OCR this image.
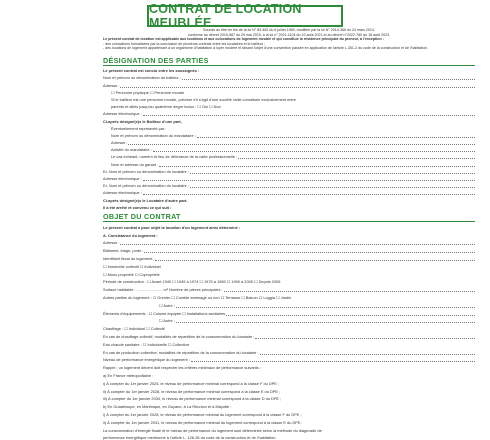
CONTRAT DE LOCATION MEUBLÉE
Soumis au titre Ier bis de la loi N° 89-462 du 6 juillet 1989, modifiée par la loi N° 2014-366 du 24 mars 2014,
conforme au décret 2015-587 du 29 mai 2015, à la loi n° 2021-1104 du 22 août 2021 et au décret n°2022-780 du 18 août 2023.
Le présent contrat de location est applicable aux locations et aux colocations de logement meublé et qui constitue la résidence principale du preneur, à l'exception :
- des colocations formalisées par la conclusion de plusieurs contrats entre les locataires et le bailleur ;
- des locations de logement appartenant à un organisme d'habitation à loyer modéré et faisant l'objet d'une convention passée en application de l'article L.351-2 du code de la construction et de l'habitation.
DÉSIGNATION DES PARTIES
Le présent contrat est conclu entre les soussignés :
Nom et prénom ou dénomination du bailleur :
Adresse :
☐ Personne physique ☐ Personne morale
Si le bailleur est une personne morale, préciser s'il s'agit d'une société civile constituée exclusivement entre
parents et alliés jusqu'au quatrième degré inclus : ☐ Oui ☐ Non
Adresse électronique :
Ci-après désigné(e)s le Bailleur d'une part,
Éventuellement représenté par :
Nom et prénom ou dénomination du mandataire :
Adresse :
Activité du mandataire :
Le cas échéant, numéro et lieu de délivrance de la carte professionnelle :
Nom et adresse du garant :
Et, Nom et prénom ou dénomination du locataire :
Adresse électronique :
Et, Nom et prénom ou dénomination du locataire :
Adresse électronique :
Ci-après désigné(e)s le Locataire d'autre part.
Il a été arrêté et convenu ce qui suit :
OBJET DU CONTRAT
Le présent contrat a pour objet la location d'un logement ainsi déterminé :
A. Consistance du logement :
Adresse :
Bâtiment, étage, porte :
Identifiant fiscal du logement :
☐ Immeuble collectif ☐ Individuel
☐ Mono propriété ☐ Copropriété
Période de construction : ☐ Avant 1949 ☐ 1949 à 1974 ☐ 1975 à 1989 ☐ 1990 à 2005 ☐ Depuis 2005
Surface habitable : ........................ m² Nombre de pièces principales :
Autres parties du logement : ☐ Grenier ☐ Comble aménagé ou non ☐ Terrasse ☐ Balcon ☐ Loggia ☐ Jardin
☐ Autre :
Éléments d'équipements : ☐ Cuisine équipée ☐ Installations sanitaires
☐ Autre :
Chauffage : ☐ Individuel ☐ Collectif
En cas de chauffage collectif, modalités de répartition de la consommation du locataire :
Eau chaude sanitaire : ☐ Individuelle ☐ Collective
En cas de production collective, modalités de répartition de la consommation du locataire :
Niveau de performance énergétique du logement :
Rappel : un logement décent doit respecter les critères minimaux de performance suivants :
a) En France métropolitaine :
i) À compter du 1er janvier 2025, le niveau de performance minimal correspond à la classe F du DPE ;
ii) À compter du 1er janvier 2028, le niveau de performance minimal correspond à la classe E du DPE ;
iii) À compter du 1er janvier 2034, le niveau de performance minimal correspond à la classe D du DPE ;
b) En Guadeloupe, en Martinique, en Guyane, à La Réunion et à Mayotte :
i) À compter du 1er janvier 2028, le niveau de performance minimal du logement correspond à la classe F du DPE ;
ii) À compter du 1er janvier 2031, le niveau de performance minimal du logement correspond à la classe E du DPE.
La consommation d'énergie finale et le niveau de performance du logement sont déterminés selon la méthode du diagnostic de
performance énergétique mentionné à l'article L. 126-26 du code de la construction et de l'habitation.
